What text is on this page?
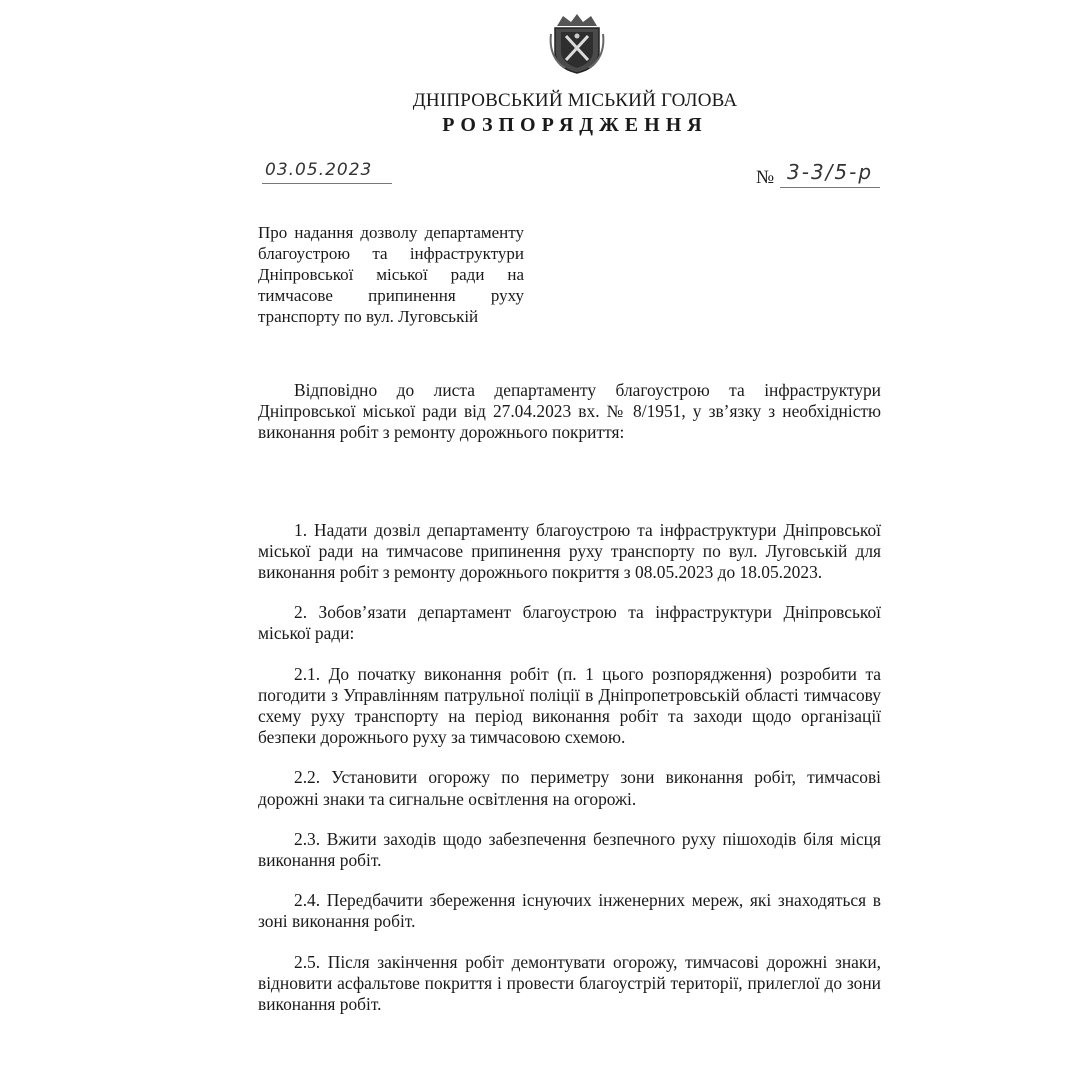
ДНІПРОВСЬКИЙ МІСЬКИЙ ГОЛОВА
РОЗПОРЯДЖЕННЯ
03.05.2023	№ 3-3/5-р
Про надання дозволу департаменту благоустрою та інфраструктури Дніпровської міської ради на тимчасове припинення руху транспорту по вул. Луговській

Відповідно до листа департаменту благоустрою та інфраструктури Дніпровської міської ради від 27.04.2023 вх. № 8/1951, у зв’язку з необхідністю виконання робіт з ремонту дорожнього покриття:

1. Надати дозвіл департаменту благоустрою та інфраструктури Дніпровської міської ради на тимчасове припинення руху транспорту по вул. Луговській для виконання робіт з ремонту дорожнього покриття з 08.05.2023 до 18.05.2023.

2. Зобов’язати департамент благоустрою та інфраструктури Дніпровської міської ради:

2.1. До початку виконання робіт (п. 1 цього розпорядження) розробити та погодити з Управлінням патрульної поліції в Дніпропетровській області тимчасову схему руху транспорту на період виконання робіт та заходи щодо організації безпеки дорожнього руху за тимчасовою схемою.

2.2. Установити огорожу по периметру зони виконання робіт, тимчасові дорожні знаки та сигнальне освітлення на огорожі.

2.3. Вжити заходів щодо забезпечення безпечного руху пішоходів біля місця виконання робіт.

2.4. Передбачити збереження існуючих інженерних мереж, які знаходяться в зоні виконання робіт.

2.5. Після закінчення робіт демонтувати огорожу, тимчасові дорожні знаки, відновити асфальтове покриття і провести благоустрій території, прилеглої до зони виконання робіт.
